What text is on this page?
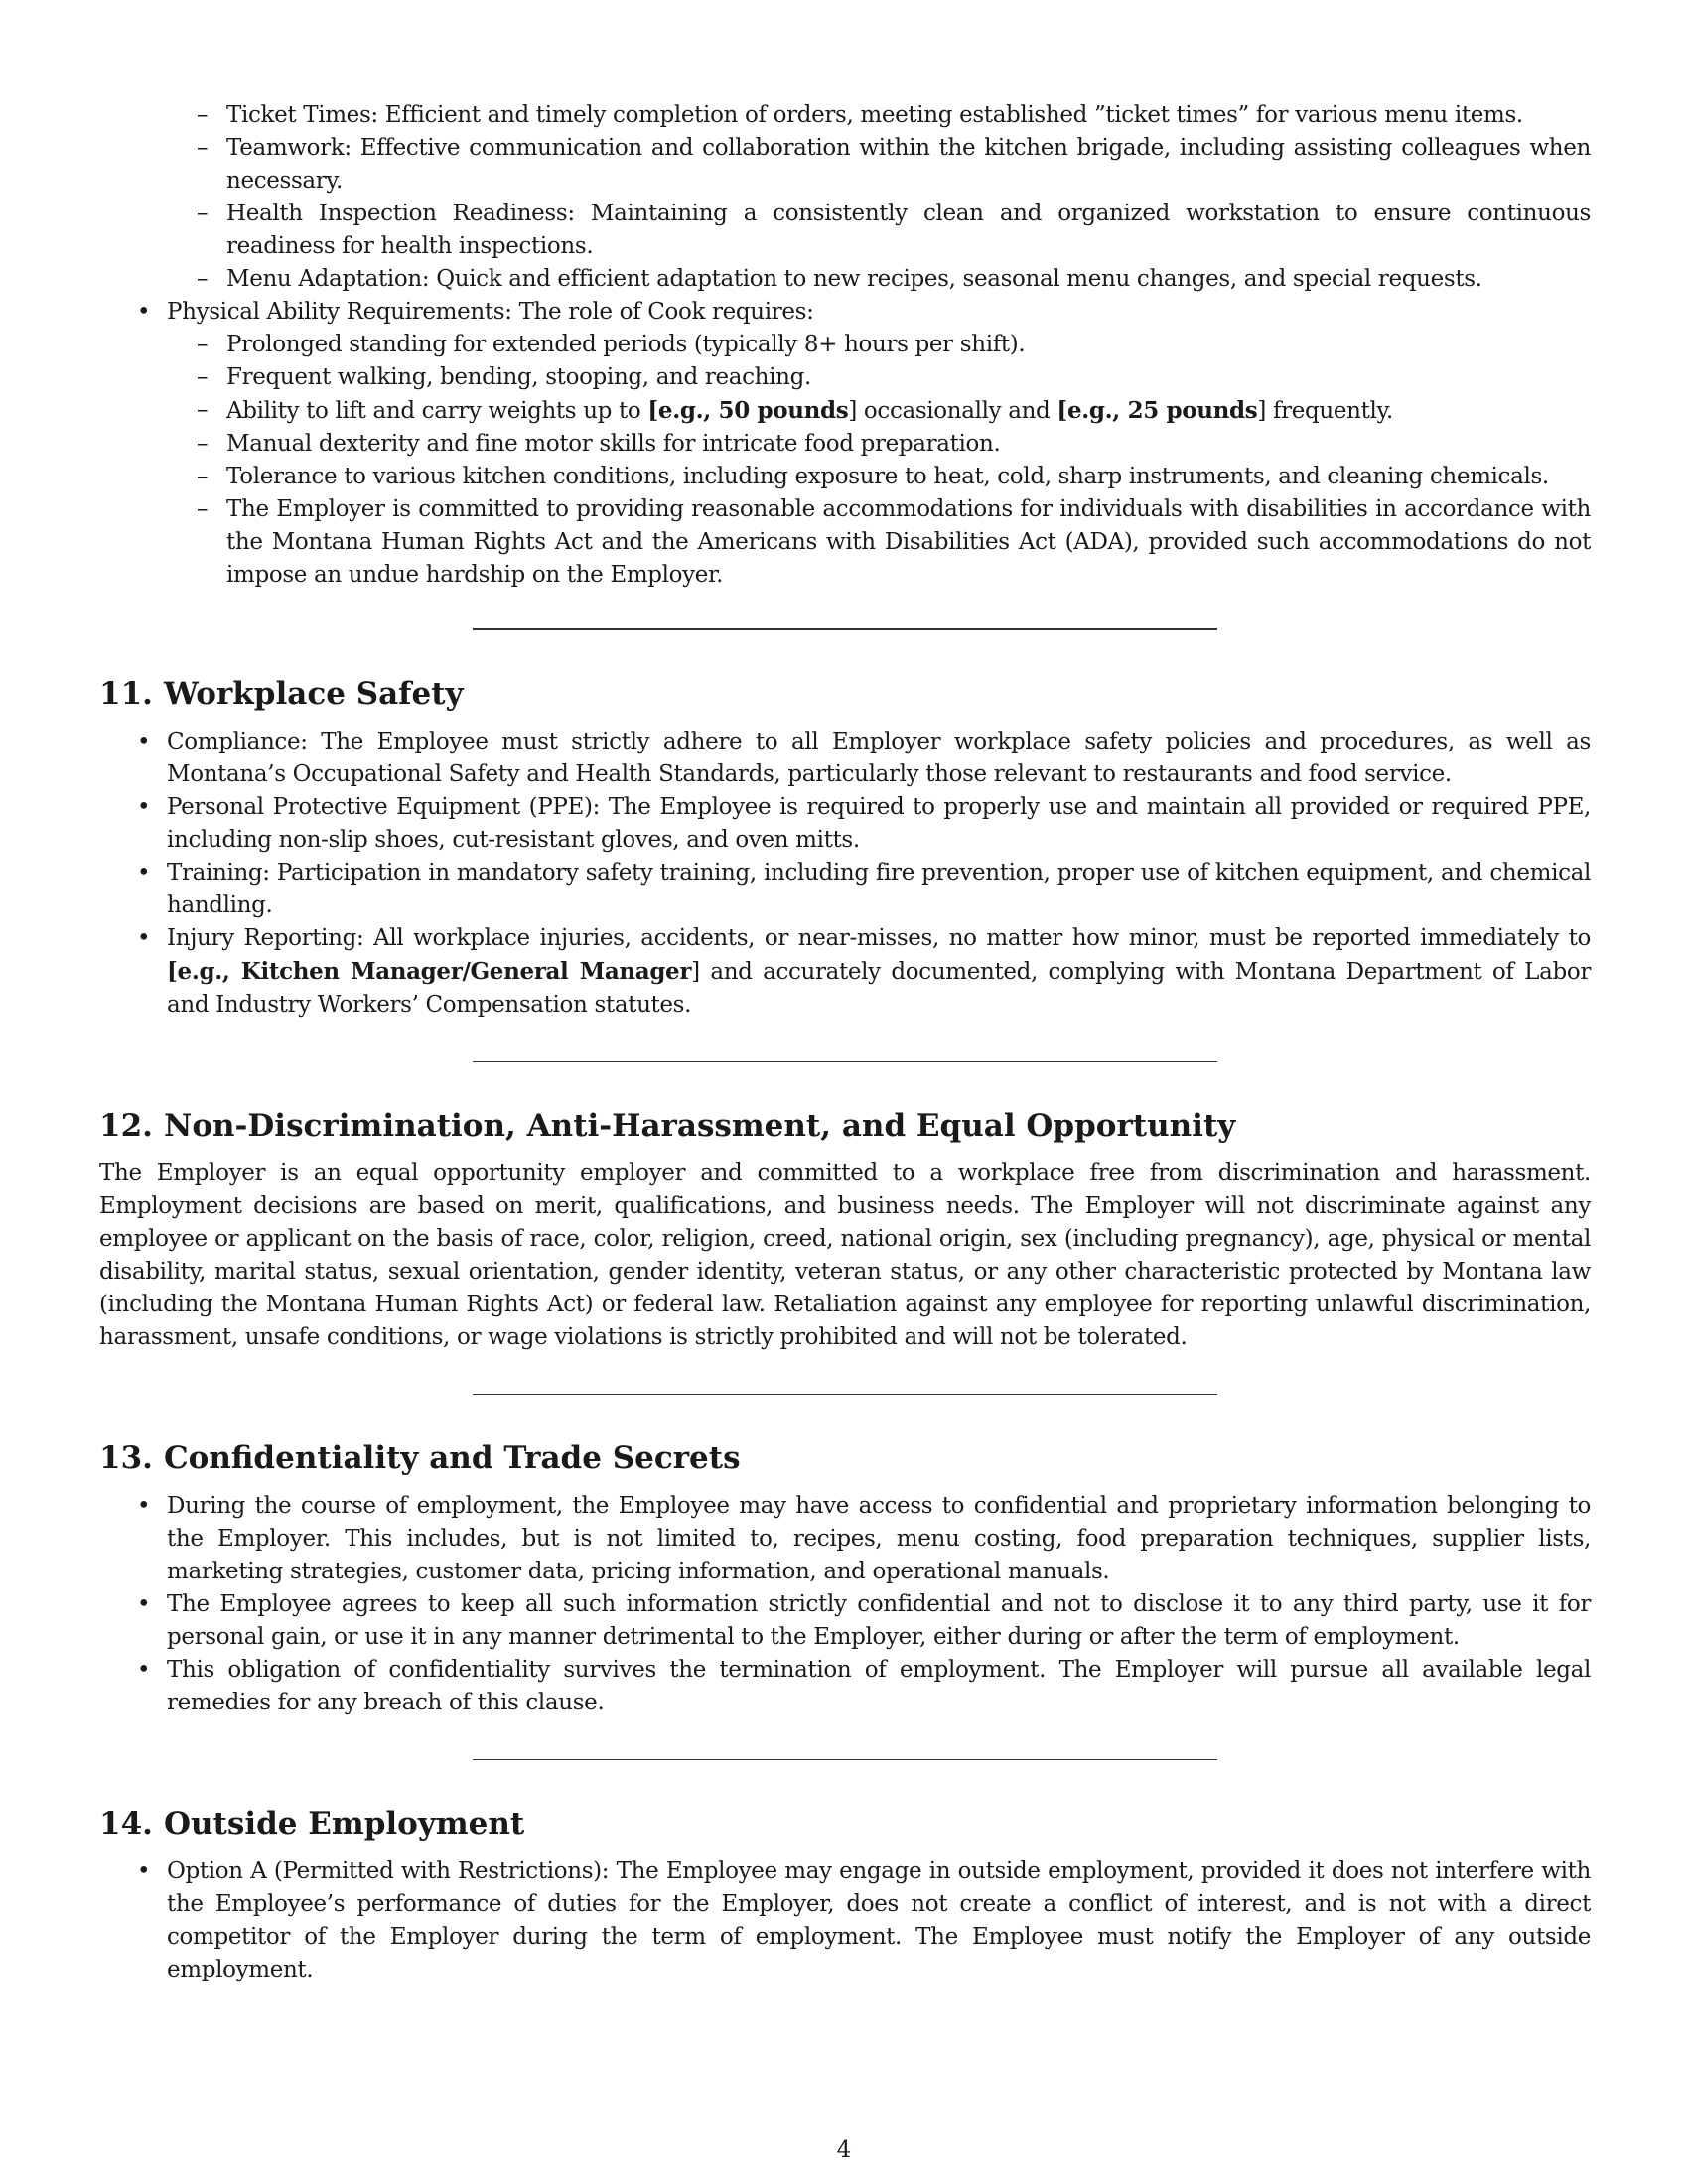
– Ticket Times: Efficient and timely completion of orders, meeting established ”ticket times” for various menu items.
– Teamwork: Effective communication and collaboration within the kitchen brigade, including assisting colleagues when necessary.
– Health Inspection Readiness: Maintaining a consistently clean and organized workstation to ensure continuous readiness for health inspections.
– Menu Adaptation: Quick and efficient adaptation to new recipes, seasonal menu changes, and special requests.
• Physical Ability Requirements: The role of Cook requires:
– Prolonged standing for extended periods (typically 8+ hours per shift).
– Frequent walking, bending, stooping, and reaching.
– Ability to lift and carry weights up to [e.g., 50 pounds] occasionally and [e.g., 25 pounds] frequently.
– Manual dexterity and fine motor skills for intricate food preparation.
– Tolerance to various kitchen conditions, including exposure to heat, cold, sharp instruments, and cleaning chemicals.
– The Employer is committed to providing reasonable accommodations for individuals with disabilities in accordance with the Montana Human Rights Act and the Americans with Disabilities Act (ADA), provided such accommodations do not impose an undue hardship on the Employer.
11. Workplace Safety
• Compliance: The Employee must strictly adhere to all Employer workplace safety policies and procedures, as well as Montana’s Occupational Safety and Health Standards, particularly those relevant to restaurants and food service.
• Personal Protective Equipment (PPE): The Employee is required to properly use and maintain all provided or required PPE, including non-slip shoes, cut-resistant gloves, and oven mitts.
• Training: Participation in mandatory safety training, including fire prevention, proper use of kitchen equipment, and chemical handling.
• Injury Reporting: All workplace injuries, accidents, or near-misses, no matter how minor, must be reported immediately to [e.g., Kitchen Manager/General Manager] and accurately documented, complying with Montana Department of Labor and Industry Workers’ Compensation statutes.
12. Non-Discrimination, Anti-Harassment, and Equal Opportunity

The Employer is an equal opportunity employer and committed to a workplace free from discrimination and harassment. Employment decisions are based on merit, qualifications, and business needs. The Employer will not discriminate against any employee or applicant on the basis of race, color, religion, creed, national origin, sex (including pregnancy), age, physical or mental disability, marital status, sexual orientation, gender identity, veteran status, or any other characteristic protected by Montana law (including the Montana Human Rights Act) or federal law. Retaliation against any employee for reporting unlawful discrimination, harassment, unsafe conditions, or wage violations is strictly prohibited and will not be tolerated.

13. Confidentiality and Trade Secrets
• During the course of employment, the Employee may have access to confidential and proprietary information belonging to the Employer. This includes, but is not limited to, recipes, menu costing, food preparation techniques, supplier lists, marketing strategies, customer data, pricing information, and operational manuals.
• The Employee agrees to keep all such information strictly confidential and not to disclose it to any third party, use it for personal gain, or use it in any manner detrimental to the Employer, either during or after the term of employment.
• This obligation of confidentiality survives the termination of employment. The Employer will pursue all available legal remedies for any breach of this clause.
14. Outside Employment
• Option A (Permitted with Restrictions): The Employee may engage in outside employment, provided it does not interfere with the Employee’s performance of duties for the Employer, does not create a conflict of interest, and is not with a direct competitor of the Employer during the term of employment. The Employee must notify the Employer of any outside employment.
4
